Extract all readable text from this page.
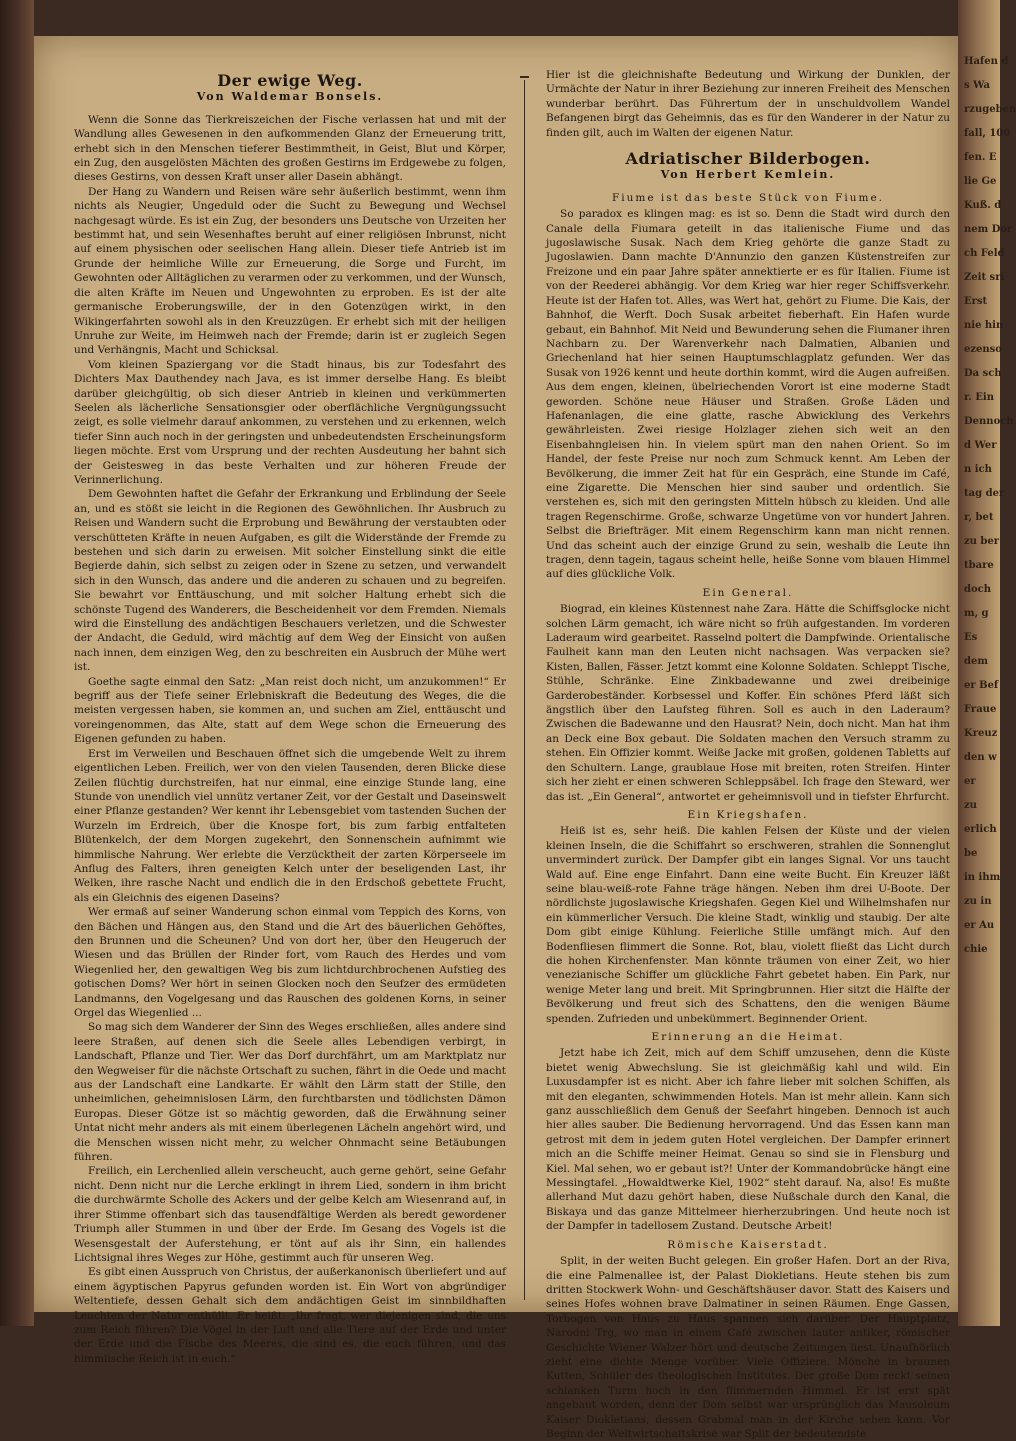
Der ewige Weg.
Von Waldemar Bonsels.

Wenn die Sonne das Tierkreiszeichen der Fische verlassen hat und mit der Wandlung alles Gewesenen in den aufkommenden Glanz der Erneuerung tritt, erhebt sich in den Menschen tieferer Bestimmtheit, in Geist, Blut und Körper, ein Zug, den ausgelösten Mächten des großen Gestirns im Erdgewebe zu folgen, dieses Gestirns, von dessen Kraft unser aller Dasein abhängt.

Der Hang zu Wandern und Reisen wäre sehr äußerlich bestimmt, wenn ihm nichts als Neugier, Ungeduld oder die Sucht zu Bewegung und Wechsel nachgesagt würde. Es ist ein Zug, der besonders uns Deutsche von Urzeiten her bestimmt hat, und sein Wesenhaftes beruht auf einer religiösen Inbrunst, nicht auf einem physischen oder seelischen Hang allein. Dieser tiefe Antrieb ist im Grunde der heimliche Wille zur Erneuerung, die Sorge und Furcht, im Gewohnten oder Alltäglichen zu verarmen oder zu verkommen, und der Wunsch, die alten Kräfte im Neuen und Ungewohnten zu erproben. Es ist der alte germanische Eroberungswille, der in den Gotenzügen wirkt, in den Wikingerfahrten sowohl als in den Kreuzzügen. Er erhebt sich mit der heiligen Unruhe zur Weite, im Heimweh nach der Fremde; darin ist er zugleich Segen und Verhängnis, Macht und Schicksal.

Vom kleinen Spaziergang vor die Stadt hinaus, bis zur Todesfahrt des Dichters Max Dauthendey nach Java, es ist immer derselbe Hang. Es bleibt darüber gleichgültig, ob sich dieser Antrieb in kleinen und verkümmerten Seelen als lächerliche Sensationsgier oder oberflächliche Vergnügungssucht zeigt, es solle vielmehr darauf ankommen, zu verstehen und zu erkennen, welch tiefer Sinn auch noch in der geringsten und unbedeutendsten Erscheinungsform liegen möchte. Erst vom Ursprung und der rechten Ausdeutung her bahnt sich der Geistesweg in das beste Verhalten und zur höheren Freude der Verinnerlichung.

Dem Gewohnten haftet die Gefahr der Erkrankung und Erblindung der Seele an, und es stößt sie leicht in die Regionen des Gewöhnlichen. Ihr Ausbruch zu Reisen und Wandern sucht die Erprobung und Bewährung der verstaubten oder verschütteten Kräfte in neuen Aufgaben, es gilt die Widerstände der Fremde zu bestehen und sich darin zu erweisen. Mit solcher Einstellung sinkt die eitle Begierde dahin, sich selbst zu zeigen oder in Szene zu setzen, und verwandelt sich in den Wunsch, das andere und die anderen zu schauen und zu begreifen. Sie bewahrt vor Enttäuschung, und mit solcher Haltung erhebt sich die schönste Tugend des Wanderers, die Bescheidenheit vor dem Fremden. Niemals wird die Einstellung des andächtigen Beschauers verletzen, und die Schwester der Andacht, die Geduld, wird mächtig auf dem Weg der Einsicht von außen nach innen, dem einzigen Weg, den zu beschreiten ein Ausbruch der Mühe wert ist.

Goethe sagte einmal den Satz: „Man reist doch nicht, um anzukommen!“ Er begriff aus der Tiefe seiner Erlebniskraft die Bedeutung des Weges, die die meisten vergessen haben, sie kommen an, und suchen am Ziel, enttäuscht und voreingenommen, das Alte, statt auf dem Wege schon die Erneuerung des Eigenen gefunden zu haben.

Erst im Verweilen und Beschauen öffnet sich die umgebende Welt zu ihrem eigentlichen Leben. Freilich, wer von den vielen Tausenden, deren Blicke diese Zeilen flüchtig durchstreifen, hat nur einmal, eine einzige Stunde lang, eine Stunde von unendlich viel unnütz vertaner Zeit, vor der Gestalt und Daseinswelt einer Pflanze gestanden? Wer kennt ihr Lebensgebiet vom tastenden Suchen der Wurzeln im Erdreich, über die Knospe fort, bis zum farbig entfalteten Blütenkelch, der dem Morgen zugekehrt, den Sonnenschein aufnimmt wie himmlische Nahrung. Wer erlebte die Verzücktheit der zarten Körperseele im Anflug des Falters, ihren geneigten Kelch unter der beseligenden Last, ihr Welken, ihre rasche Nacht und endlich die in den Erdschoß gebettete Frucht, als ein Gleichnis des eigenen Daseins?

Wer ermaß auf seiner Wanderung schon einmal vom Teppich des Korns, von den Bächen und Hängen aus, den Stand und die Art des bäuerlichen Gehöftes, den Brunnen und die Scheunen? Und von dort her, über den Heugeruch der Wiesen und das Brüllen der Rinder fort, vom Rauch des Herdes und vom Wiegenlied her, den gewaltigen Weg bis zum lichtdurchbrochenen Aufstieg des gotischen Doms? Wer hört in seinen Glocken noch den Seufzer des ermüdeten Landmanns, den Vogelgesang und das Rauschen des goldenen Korns, in seiner Orgel das Wiegenlied ...

So mag sich dem Wanderer der Sinn des Weges erschließen, alles andere sind leere Straßen, auf denen sich die Seele alles Lebendigen verbirgt, in Landschaft, Pflanze und Tier. Wer das Dorf durchfährt, um am Marktplatz nur den Wegweiser für die nächste Ortschaft zu suchen, fährt in die Oede und macht aus der Landschaft eine Landkarte. Er wählt den Lärm statt der Stille, den unheimlichen, geheimnislosen Lärm, den furchtbarsten und tödlichsten Dämon Europas. Dieser Götze ist so mächtig geworden, daß die Erwähnung seiner Untat nicht mehr anders als mit einem überlegenen Lächeln angehört wird, und die Menschen wissen nicht mehr, zu welcher Ohnmacht seine Betäubungen führen.

Freilich, ein Lerchenlied allein verscheucht, auch gerne gehört, seine Gefahr nicht. Denn nicht nur die Lerche erklingt in ihrem Lied, sondern in ihm bricht die durchwärmte Scholle des Ackers und der gelbe Kelch am Wiesenrand auf, in ihrer Stimme offenbart sich das tausendfältige Werden als beredt gewordener Triumph aller Stummen in und über der Erde. Im Gesang des Vogels ist die Wesensgestalt der Auferstehung, er tönt auf als ihr Sinn, ein hallendes Lichtsignal ihres Weges zur Höhe, gestimmt auch für unseren Weg.

Es gibt einen Ausspruch von Christus, der außerkanonisch überliefert und auf einem ägyptischen Papyrus gefunden worden ist. Ein Wort von abgründiger Weltentiefe, dessen Gehalt sich dem andächtigen Geist im sinnbildhaften Leuchten der Natur enthüllt. Er heißt: „Ihr fragt, wer diejenigen sind, die uns zum Reich führen? Die Vögel in der Luft und alle Tiere auf der Erde und unter der Erde und die Fische des Meeres, die sind es, die euch führen, und das himmlische Reich ist in euch.“

Hier ist die gleichnishafte Bedeutung und Wirkung der Dunklen, der Urmächte der Natur in ihrer Beziehung zur inneren Freiheit des Menschen wunderbar berührt. Das Führertum der in unschuldvollem Wandel Befangenen birgt das Geheimnis, das es für den Wanderer in der Natur zu finden gilt, auch im Walten der eigenen Natur.

Adriatischer Bilderbogen.
Von Herbert Kemlein.
Fiume ist das beste Stück von Fiume.

So paradox es klingen mag: es ist so. Denn die Stadt wird durch den Canale della Fiumara geteilt in das italienische Fiume und das jugoslawische Susak. Nach dem Krieg gehörte die ganze Stadt zu Jugoslawien. Dann machte D'Annunzio den ganzen Küstenstreifen zur Freizone und ein paar Jahre später annektierte er es für Italien. Fiume ist von der Reederei abhängig. Vor dem Krieg war hier reger Schiffsverkehr. Heute ist der Hafen tot. Alles, was Wert hat, gehört zu Fiume. Die Kais, der Bahnhof, die Werft. Doch Susak arbeitet fieberhaft. Ein Hafen wurde gebaut, ein Bahnhof. Mit Neid und Bewunderung sehen die Fiumaner ihren Nachbarn zu. Der Warenverkehr nach Dalmatien, Albanien und Griechenland hat hier seinen Hauptumschlagplatz gefunden. Wer das Susak von 1926 kennt und heute dorthin kommt, wird die Augen aufreißen. Aus dem engen, kleinen, übelriechenden Vorort ist eine moderne Stadt geworden. Schöne neue Häuser und Straßen. Große Läden und Hafenanlagen, die eine glatte, rasche Abwicklung des Verkehrs gewährleisten. Zwei riesige Holzlager ziehen sich weit an den Eisenbahngleisen hin. In vielem spürt man den nahen Orient. So im Handel, der feste Preise nur noch zum Schmuck kennt. Am Leben der Bevölkerung, die immer Zeit hat für ein Gespräch, eine Stunde im Café, eine Zigarette. Die Menschen hier sind sauber und ordentlich. Sie verstehen es, sich mit den geringsten Mitteln hübsch zu kleiden. Und alle tragen Regenschirme. Große, schwarze Ungetüme von vor hundert Jahren. Selbst die Briefträger. Mit einem Regenschirm kann man nicht rennen. Und das scheint auch der einzige Grund zu sein, weshalb die Leute ihn tragen, denn tagein, tagaus scheint helle, heiße Sonne vom blauen Himmel auf dies glückliche Volk.

Ein General.

Biograd, ein kleines Küstennest nahe Zara. Hätte die Schiffsglocke nicht solchen Lärm gemacht, ich wäre nicht so früh aufgestanden. Im vorderen Laderaum wird gearbeitet. Rasselnd poltert die Dampfwinde. Orientalische Faulheit kann man den Leuten nicht nachsagen. Was verpacken sie? Kisten, Ballen, Fässer. Jetzt kommt eine Kolonne Soldaten. Schleppt Tische, Stühle, Schränke. Eine Zinkbadewanne und zwei dreibeinige Garderobeständer. Korbsessel und Koffer. Ein schönes Pferd läßt sich ängstlich über den Laufsteg führen. Soll es auch in den Laderaum? Zwischen die Badewanne und den Hausrat? Nein, doch nicht. Man hat ihm an Deck eine Box gebaut. Die Soldaten machen den Versuch stramm zu stehen. Ein Offizier kommt. Weiße Jacke mit großen, goldenen Tabletts auf den Schultern. Lange, graublaue Hose mit breiten, roten Streifen. Hinter sich her zieht er einen schweren Schleppsäbel. Ich frage den Steward, wer das ist. „Ein General“, antwortet er geheimnisvoll und in tiefster Ehrfurcht.

Ein Kriegshafen.

Heiß ist es, sehr heiß. Die kahlen Felsen der Küste und der vielen kleinen Inseln, die die Schiffahrt so erschweren, strahlen die Sonnenglut unvermindert zurück. Der Dampfer gibt ein langes Signal. Vor uns taucht Wald auf. Eine enge Einfahrt. Dann eine weite Bucht. Ein Kreuzer läßt seine blau-weiß-rote Fahne träge hängen. Neben ihm drei U-Boote. Der nördlichste jugoslawische Kriegshafen. Gegen Kiel und Wilhelmshafen nur ein kümmerlicher Versuch. Die kleine Stadt, winklig und staubig. Der alte Dom gibt einige Kühlung. Feierliche Stille umfängt mich. Auf den Bodenfliesen flimmert die Sonne. Rot, blau, violett fließt das Licht durch die hohen Kirchenfenster. Man könnte träumen von einer Zeit, wo hier venezianische Schiffer um glückliche Fahrt gebetet haben. Ein Park, nur wenige Meter lang und breit. Mit Springbrunnen. Hier sitzt die Hälfte der Bevölkerung und freut sich des Schattens, den die wenigen Bäume spenden. Zufrieden und unbekümmert. Beginnender Orient.

Erinnerung an die Heimat.

Jetzt habe ich Zeit, mich auf dem Schiff umzusehen, denn die Küste bietet wenig Abwechslung. Sie ist gleichmäßig kahl und wild. Ein Luxusdampfer ist es nicht. Aber ich fahre lieber mit solchen Schiffen, als mit den eleganten, schwimmenden Hotels. Man ist mehr allein. Kann sich ganz ausschließlich dem Genuß der Seefahrt hingeben. Dennoch ist auch hier alles sauber. Die Bedienung hervorragend. Und das Essen kann man getrost mit dem in jedem guten Hotel vergleichen. Der Dampfer erinnert mich an die Schiffe meiner Heimat. Genau so sind sie in Flensburg und Kiel. Mal sehen, wo er gebaut ist?! Unter der Kommandobrücke hängt eine Messingtafel. „Howaldtwerke Kiel, 1902“ steht darauf. Na, also! Es mußte allerhand Mut dazu gehört haben, diese Nußschale durch den Kanal, die Biskaya und das ganze Mittelmeer hierherzubringen. Und heute noch ist der Dampfer in tadellosem Zustand. Deutsche Arbeit!

Römische Kaiserstadt.

Split, in der weiten Bucht gelegen. Ein großer Hafen. Dort an der Riva, die eine Palmenallee ist, der Palast Diokletians. Heute stehen bis zum dritten Stockwerk Wohn- und Geschäftshäuser davor. Statt des Kaisers und seines Hofes wohnen brave Dalmatiner in seinen Räumen. Enge Gassen, Torbogen von Haus zu Haus spannen sich darüber. Der Hauptplatz, Narodni Trg, wo man in einem Café zwischen lauter antiker, römischer Geschichte Wiener Walzer hört und deutsche Zeitungen liest. Unaufhörlich zieht eine dichte Menge vorüber. Viele Offiziere. Mönche in braunen Kutten, Schüler des theologischen Institutes. Der große Dom reckt seinen schlanken Turm hoch in den flimmernden Himmel. Er ist erst spät angebaut worden, denn der Dom selbst war ursprünglich das Mausoleum Kaiser Diokletians, dessen Grabmal man in der Kirche sehen kann. Vor Beginn der Weltwirtschaftskrise war Split der bedeutendste

Hafen d
s Wa
rzugeben
fall, 100
fen. E
lie Ge
Kuß. d
nem Dor
ch Feld
Zeit sri
Erst
nie hin
ezenso
Da sch
r. Ein
Dennoch
d Wer
n ich
tag der
r, bet
zu ber
tbare
doch
m, g
Es
dem
er Bef
Fraue
Kreuz
den w
er
zu
erlich
be
in ihm
zu in
er Au
chie
